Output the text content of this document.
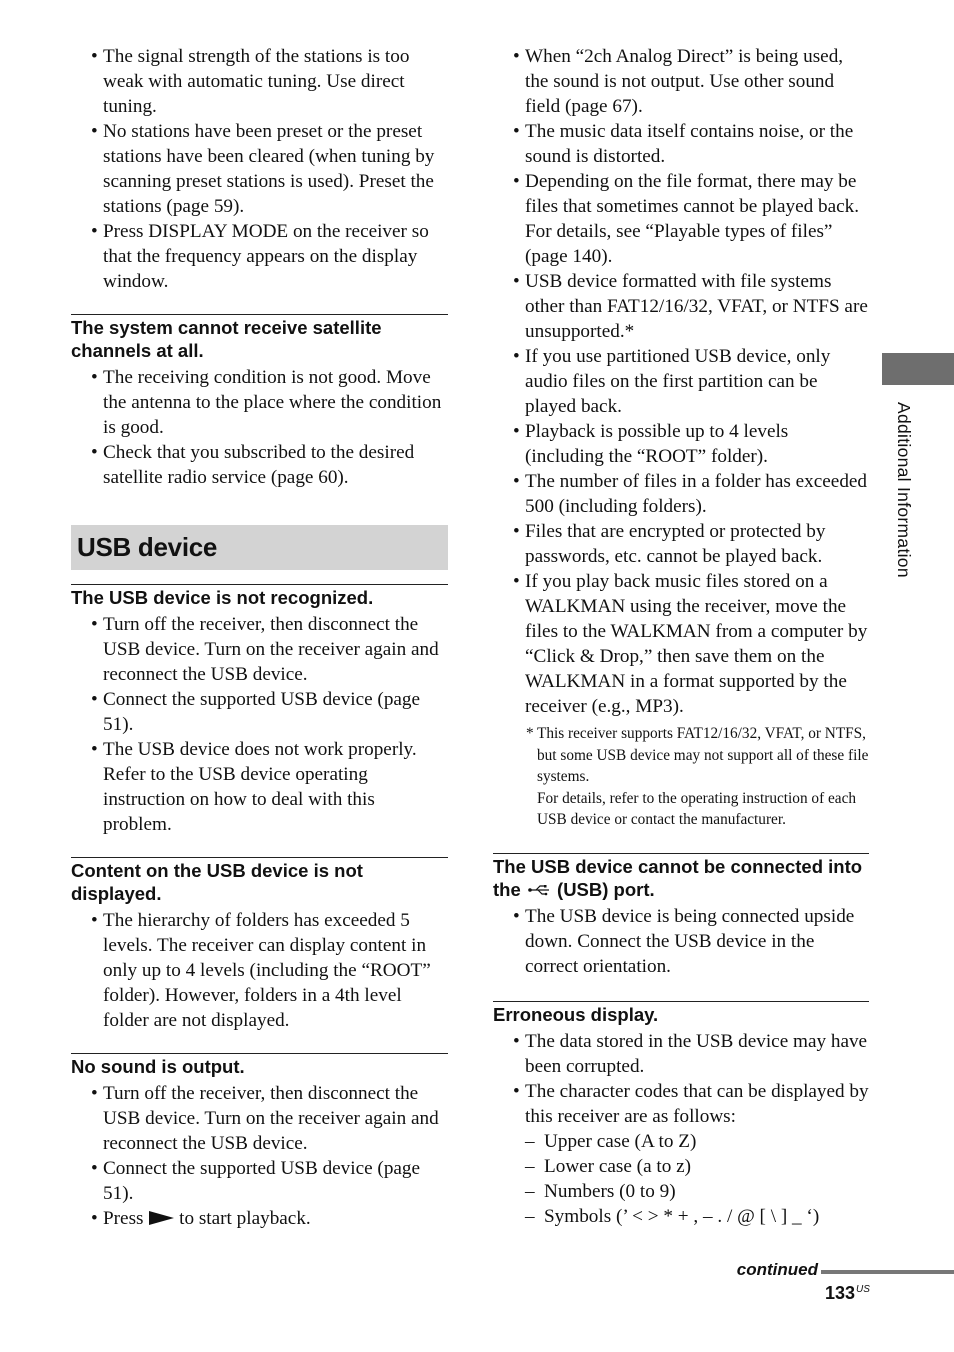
• The signal strength of the stations is too weak with automatic tuning. Use direct tuning.
• No stations have been preset or the preset stations have been cleared (when tuning by scanning preset stations is used). Preset the stations (page 59).
• Press DISPLAY MODE on the receiver so that the frequency appears on the display window.
The system cannot receive satellite channels at all.
• The receiving condition is not good. Move the antenna to the place where the condition is good.
• Check that you subscribed to the desired satellite radio service (page 60).
USB device
The USB device is not recognized.
• Turn off the receiver, then disconnect the USB device. Turn on the receiver again and reconnect the USB device.
• Connect the supported USB device (page 51).
• The USB device does not work properly. Refer to the USB device operating instruction on how to deal with this problem.
Content on the USB device is not displayed.
• The hierarchy of folders has exceeded 5 levels. The receiver can display content in only up to 4 levels (including the “ROOT” folder). However, folders in a 4th level folder are not displayed.
No sound is output.
• Turn off the receiver, then disconnect the USB device. Turn on the receiver again and reconnect the USB device.
• Connect the supported USB device (page 51).
• Press to start playback.
• When “2ch Analog Direct” is being used, the sound is not output. Use other sound field (page 67).
• The music data itself contains noise, or the sound is distorted.
• Depending on the file format, there may be files that sometimes cannot be played back. For details, see “Playable types of files” (page 140).
• USB device formatted with file systems other than FAT12/16/32, VFAT, or NTFS are unsupported.*
• If you use partitioned USB device, only audio files on the first partition can be played back.
• Playback is possible up to 4 levels (including the “ROOT” folder).
• The number of files in a folder has exceeded 500 (including folders).
• Files that are encrypted or protected by passwords, etc. cannot be played back.
• If you play back music files stored on a WALKMAN using the receiver, move the files to the WALKMAN from a computer by “Click & Drop,” then save them on the WALKMAN in a format supported by the receiver (e.g., MP3).
* This receiver supports FAT12/16/32, VFAT, or NTFS, but some USB device may not support all of these file systems.
For details, refer to the operating instruction of each USB device or contact the manufacturer.
The USB device cannot be connected into the (USB) port.
• The USB device is being connected upside down. Connect the USB device in the correct orientation.
Erroneous display.
• The data stored in the USB device may have been corrupted.
• The character codes that can be displayed by this receiver are as follows:
– Upper case (A to Z)
– Lower case (a to z)
– Numbers (0 to 9)
– Symbols (’ < > * + , – . / @ [ \ ] _ ‘)
Additional Information
continued
$133^{US}$
